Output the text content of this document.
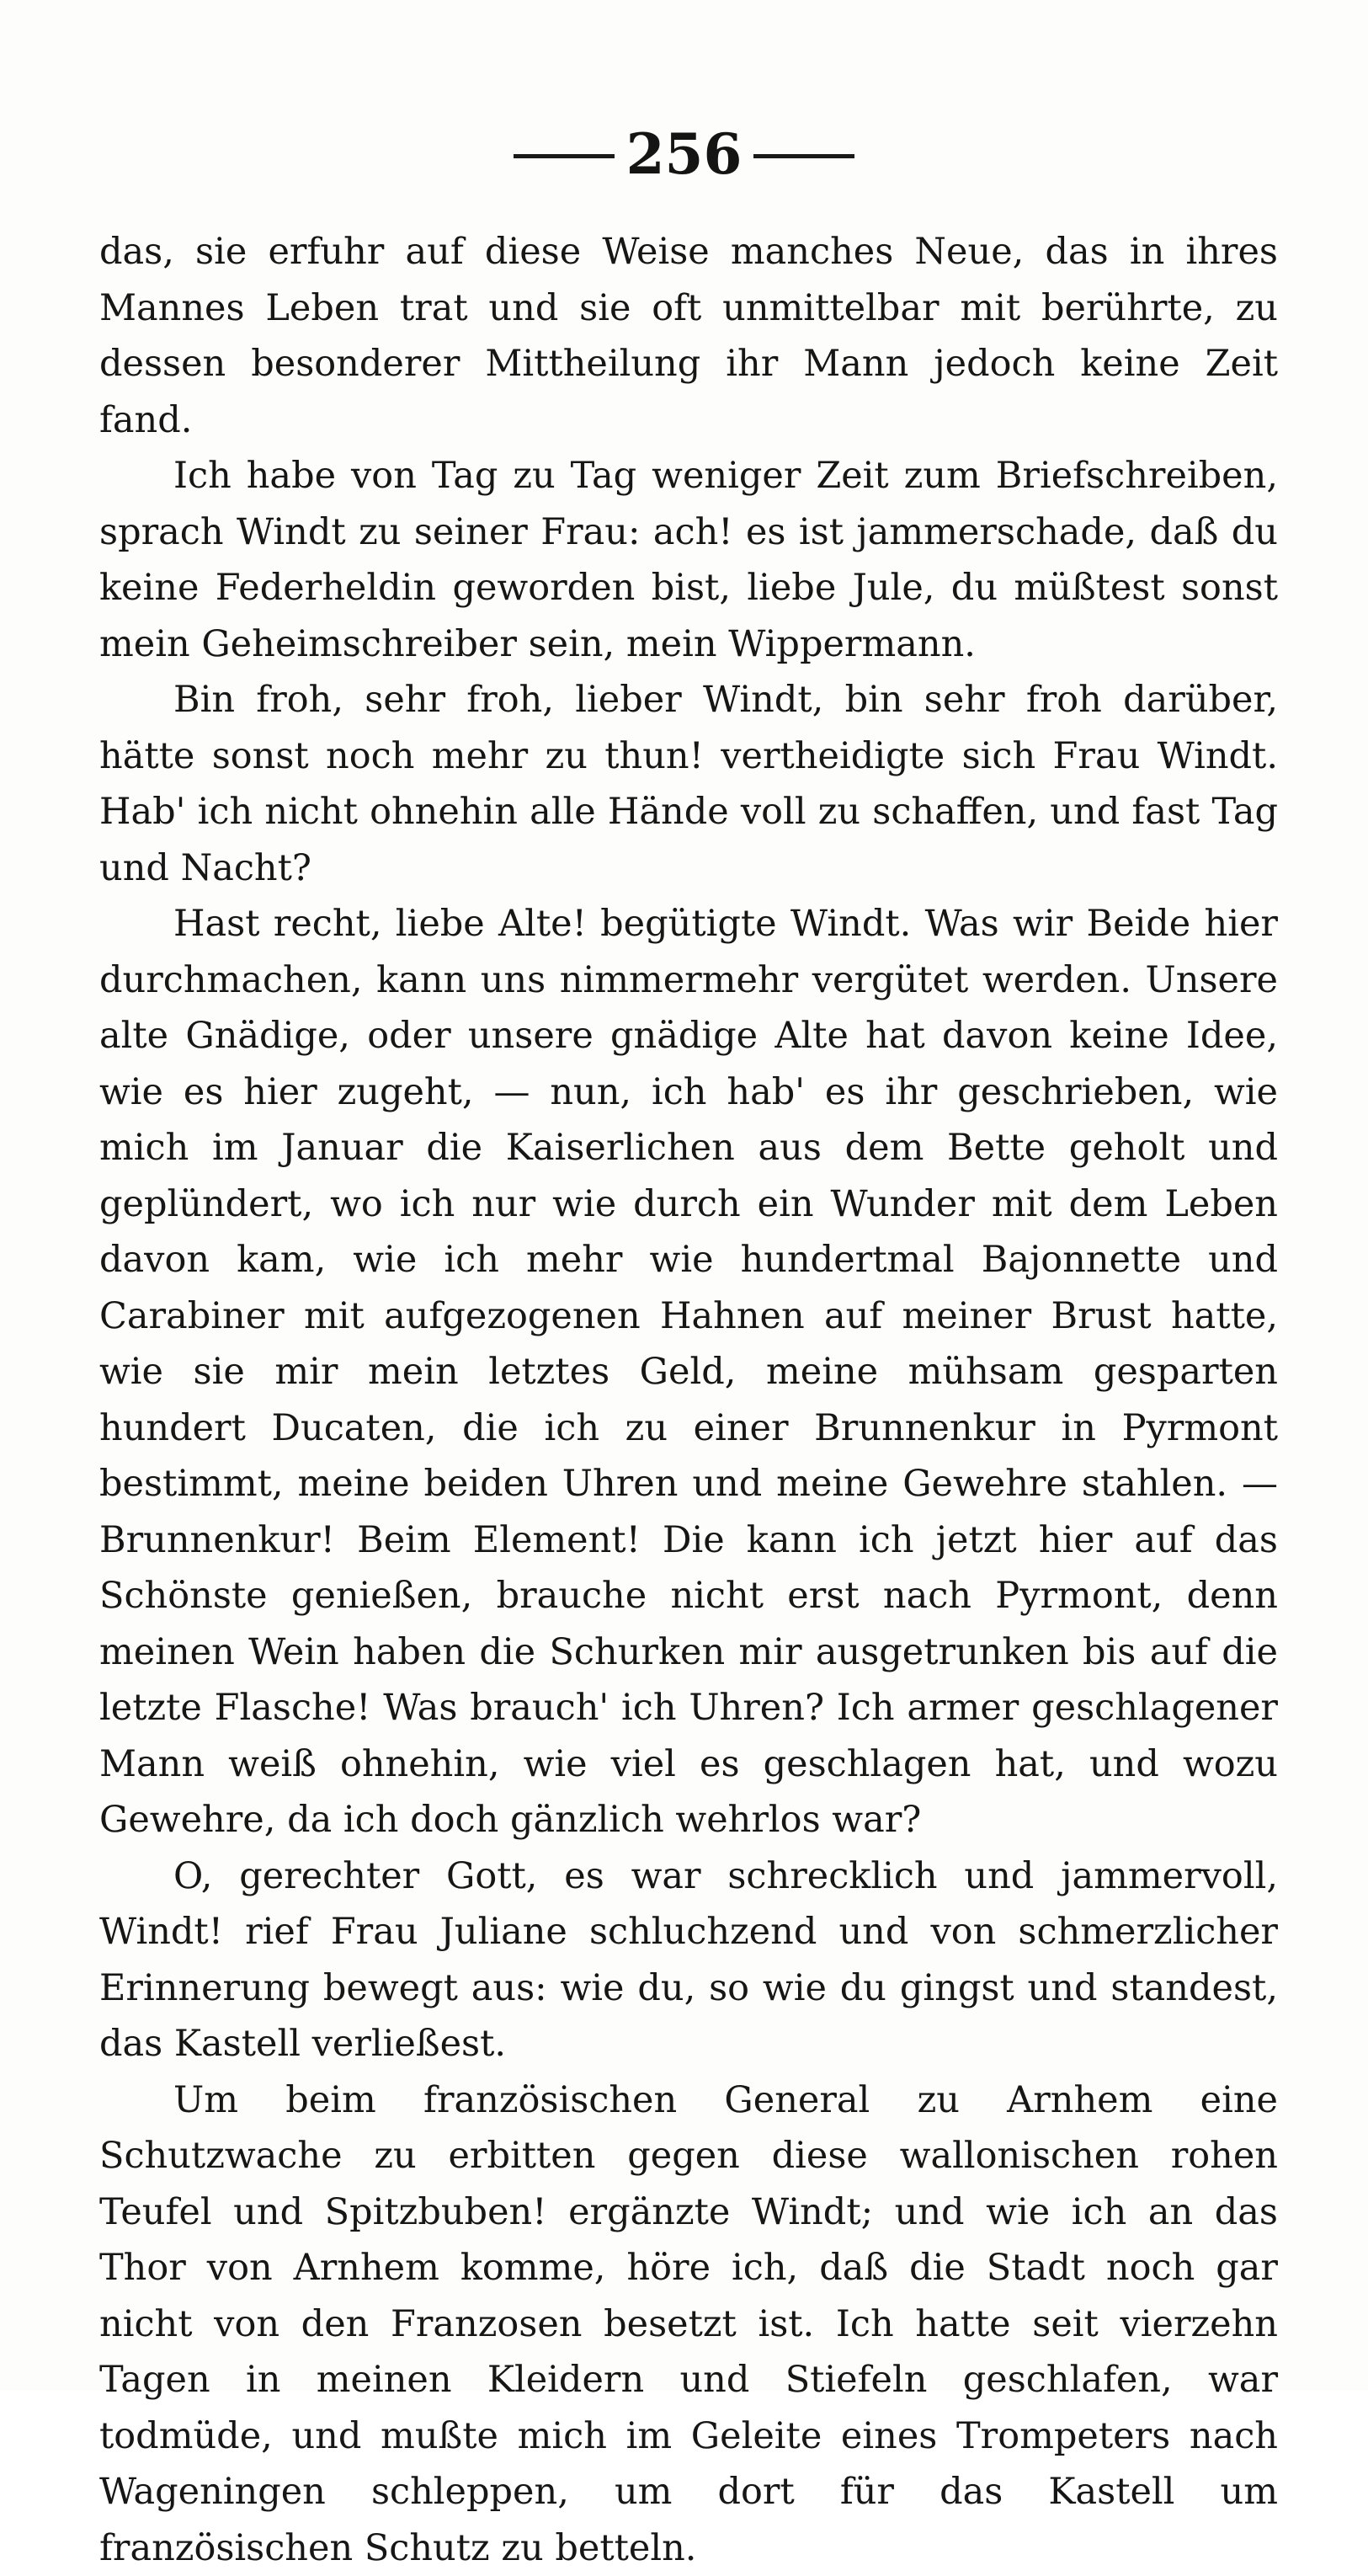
256

das, sie erfuhr auf diese Weise manches Neue, das in ihres Mannes Leben trat und sie oft unmittelbar mit berührte, zu dessen besonderer Mittheilung ihr Mann jedoch keine Zeit fand.

Ich habe von Tag zu Tag weniger Zeit zum Briefschreiben, sprach Windt zu seiner Frau: ach! es ist jammerschade, daß du keine Federheldin geworden bist, liebe Jule, du müßtest sonst mein Geheimschreiber sein, mein Wippermann.

Bin froh, sehr froh, lieber Windt, bin sehr froh darüber, hätte sonst noch mehr zu thun! vertheidigte sich Frau Windt. Hab' ich nicht ohnehin alle Hände voll zu schaffen, und fast Tag und Nacht?

Hast recht, liebe Alte! begütigte Windt. Was wir Beide hier durchmachen, kann uns nimmermehr vergütet werden. Unsere alte Gnädige, oder unsere gnädige Alte hat davon keine Idee, wie es hier zugeht, — nun, ich hab' es ihr geschrieben, wie mich im Januar die Kaiserlichen aus dem Bette geholt und geplündert, wo ich nur wie durch ein Wunder mit dem Leben davon kam, wie ich mehr wie hundertmal Bajonnette und Carabiner mit aufgezogenen Hahnen auf meiner Brust hatte, wie sie mir mein letztes Geld, meine mühsam gesparten hundert Ducaten, die ich zu einer Brunnenkur in Pyrmont bestimmt, meine beiden Uhren und meine Gewehre stahlen. — Brunnenkur! Beim Element! Die kann ich jetzt hier auf das Schönste genießen, brauche nicht erst nach Pyrmont, denn meinen Wein haben die Schurken mir ausgetrunken bis auf die letzte Flasche! Was brauch' ich Uhren? Ich armer geschlagener Mann weiß ohnehin, wie viel es geschlagen hat, und wozu Gewehre, da ich doch gänzlich wehrlos war?

O, gerechter Gott, es war schrecklich und jammervoll, Windt! rief Frau Juliane schluchzend und von schmerzlicher Erinnerung bewegt aus: wie du, so wie du gingst und standest, das Kastell verließest.

Um beim französischen General zu Arnhem eine Schutzwache zu erbitten gegen diese wallonischen rohen Teufel und Spitzbuben! ergänzte Windt; und wie ich an das Thor von Arnhem komme, höre ich, daß die Stadt noch gar nicht von den Franzosen besetzt ist. Ich hatte seit vierzehn Tagen in meinen Kleidern und Stiefeln geschlafen, war todmüde, und mußte mich im Geleite eines Trompeters nach Wageningen schleppen, um dort für das Kastell um französischen Schutz zu betteln.
